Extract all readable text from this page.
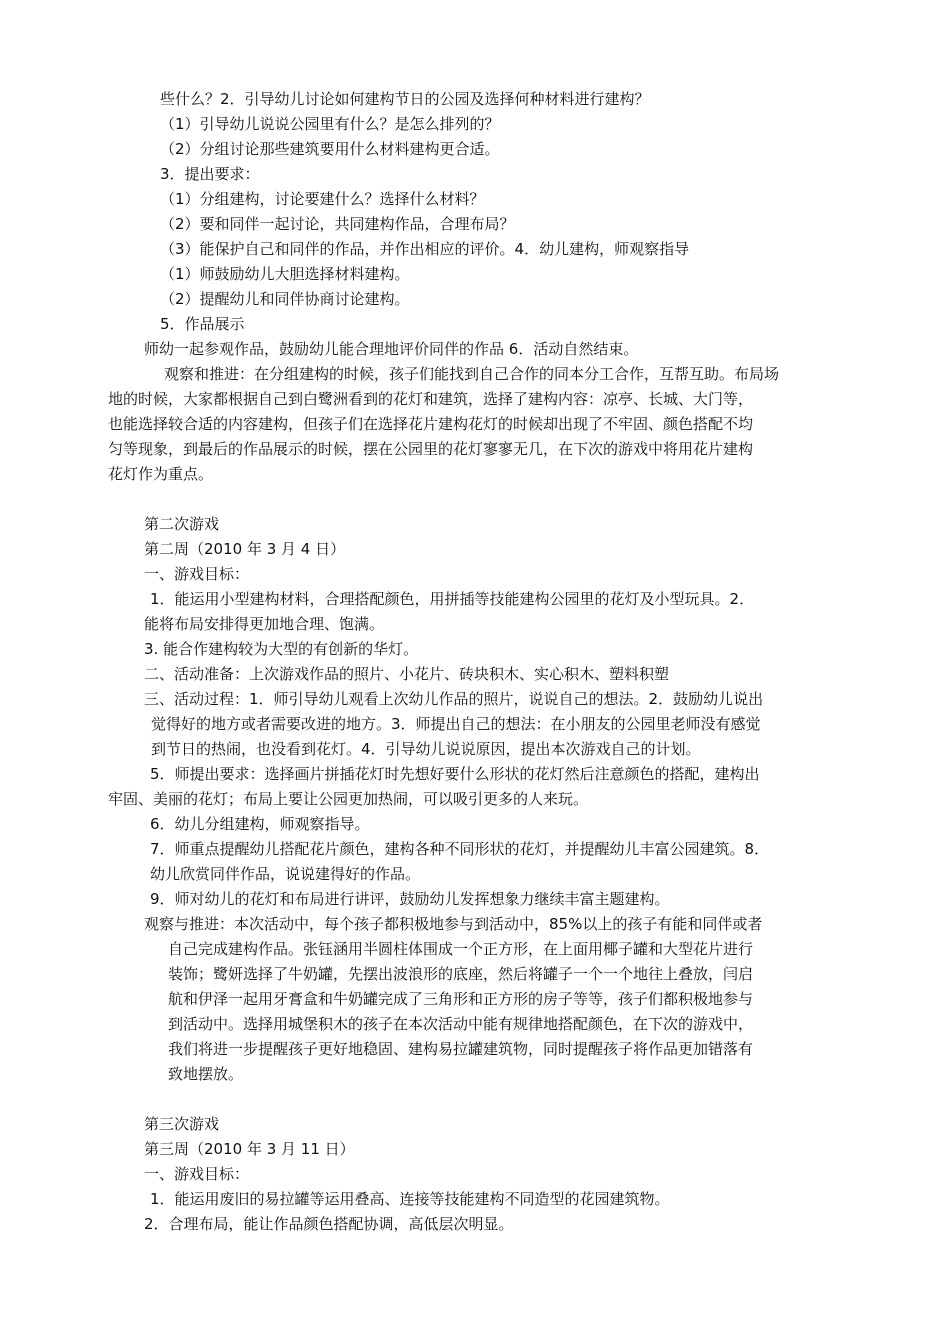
些什么？2．引导幼儿讨论如何建构节日的公园及选择何种材料进行建构？
（1）引导幼儿说说公园里有什么？是怎么排列的？
（2）分组讨论那些建筑要用什么材料建构更合适。
3．提出要求：
（1）分组建构，讨论要建什么？选择什么材料？
（2）要和同伴一起讨论，共同建构作品，合理布局？
（3）能保护自己和同伴的作品，并作出相应的评价。4．幼儿建构，师观察指导
（1）师鼓励幼儿大胆选择材料建构。
（2）提醒幼儿和同伴协商讨论建构。
5．作品展示
师幼一起参观作品，鼓励幼儿能合理地评价同伴的作品 6．活动自然结束。
观察和推进：在分组建构的时候，孩子们能找到自己合作的同本分工合作，互帮互助。布局场
地的时候，大家都根据自己到白鹭洲看到的花灯和建筑，选择了建构内容：凉亭、长城、大门等，
也能选择较合适的内容建构，但孩子们在选择花片建构花灯的时候却出现了不牢固、颜色搭配不均
匀等现象，到最后的作品展示的时候，摆在公园里的花灯寥寥无几，在下次的游戏中将用花片建构
花灯作为重点。
第二次游戏
第二周（2010 年 3 月 4 日）
一、游戏目标：
1．能运用小型建构材料，合理搭配颜色，用拼插等技能建构公园里的花灯及小型玩具。2．
能将布局安排得更加地合理、饱满。
3. 能合作建构较为大型的有创新的华灯。
二、活动准备：上次游戏作品的照片、小花片、砖块积木、实心积木、塑料积塑
三、活动过程：1．师引导幼儿观看上次幼儿作品的照片，说说自己的想法。2．鼓励幼儿说出
觉得好的地方或者需要改进的地方。3．师提出自己的想法：在小朋友的公园里老师没有感觉
到节日的热闹，也没看到花灯。4．引导幼儿说说原因，提出本次游戏自己的计划。
5．师提出要求：选择画片拼插花灯时先想好要什么形状的花灯然后注意颜色的搭配，建构出
牢固、美丽的花灯；布局上要让公园更加热闹，可以吸引更多的人来玩。
6．幼儿分组建构，师观察指导。
7．师重点提醒幼儿搭配花片颜色，建构各种不同形状的花灯，并提醒幼儿丰富公园建筑。8．
幼儿欣赏同伴作品，说说建得好的作品。
9．师对幼儿的花灯和布局进行讲评，鼓励幼儿发挥想象力继续丰富主题建构。
观察与推进：本次活动中，每个孩子都积极地参与到活动中，85%以上的孩子有能和同伴或者
自己完成建构作品。张钰涵用半圆柱体围成一个正方形，在上面用椰子罐和大型花片进行
装饰；鹭妍选择了牛奶罐，先摆出波浪形的底座，然后将罐子一个一个地往上叠放，闫启
航和伊泽一起用牙膏盒和牛奶罐完成了三角形和正方形的房子等等，孩子们都积极地参与
到活动中。选择用城堡积木的孩子在本次活动中能有规律地搭配颜色，在下次的游戏中，
我们将进一步提醒孩子更好地稳固、建构易拉罐建筑物，同时提醒孩子将作品更加错落有
致地摆放。
第三次游戏
第三周（2010 年 3 月 11 日）
一、游戏目标：
1．能运用废旧的易拉罐等运用叠高、连接等技能建构不同造型的花园建筑物。
2．合理布局，能让作品颜色搭配协调，高低层次明显。
